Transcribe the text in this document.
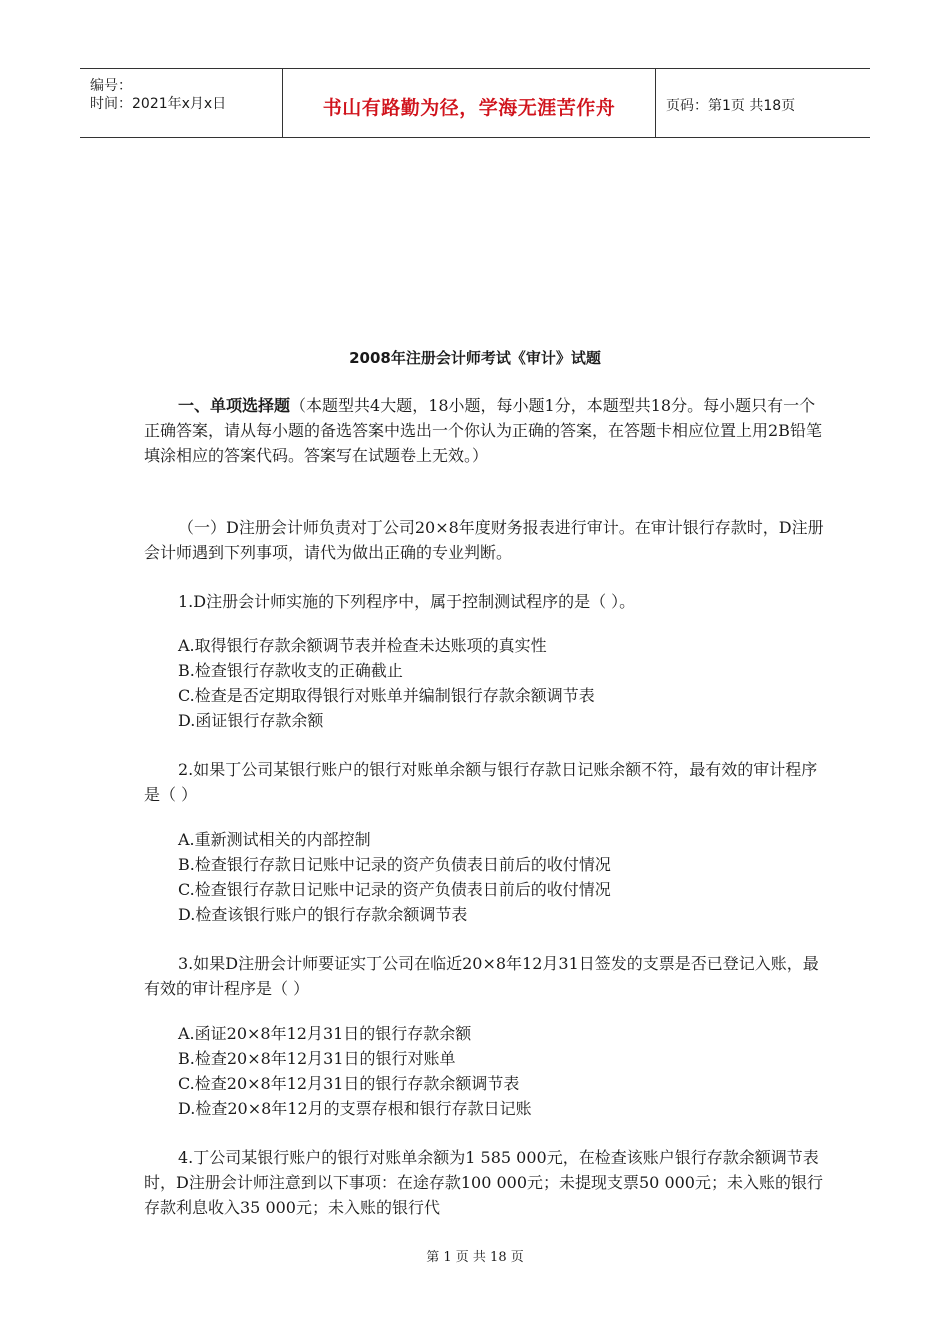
编号：
时间：2021年x月x日	书山有路勤为径，学海无涯苦作舟	页码：第1页 共18页
2008年注册会计师考试《审计》试题

一、单项选择题（本题型共4大题，18小题，每小题1分，本题型共18分。每小题只有一个正确答案，请从每小题的备选答案中选出一个你认为正确的答案，在答题卡相应位置上用2B铅笔填涂相应的答案代码。答案写在试题卷上无效。）

（一）D注册会计师负责对丁公司20×8年度财务报表进行审计。在审计银行存款时，D注册会计师遇到下列事项，请代为做出正确的专业判断。

1.D注册会计师实施的下列程序中，属于控制测试程序的是（ ）。

A.取得银行存款余额调节表并检查未达账项的真实性

B.检查银行存款收支的正确截止

C.检查是否定期取得银行对账单并编制银行存款余额调节表

D.函证银行存款余额

2.如果丁公司某银行账户的银行对账单余额与银行存款日记账余额不符，最有效的审计程序是（ ）

A.重新测试相关的内部控制

B.检查银行存款日记账中记录的资产负债表日前后的收付情况

C.检查银行存款日记账中记录的资产负债表日前后的收付情况

D.检查该银行账户的银行存款余额调节表

3.如果D注册会计师要证实丁公司在临近20×8年12月31日签发的支票是否已登记入账，最有效的审计程序是（ ）

A.函证20×8年12月31日的银行存款余额

B.检查20×8年12月31日的银行对账单

C.检查20×8年12月31日的银行存款余额调节表

D.检查20×8年12月的支票存根和银行存款日记账

4.丁公司某银行账户的银行对账单余额为1 585 000元，在检查该账户银行存款余额调节表时，D注册会计师注意到以下事项：在途存款100 000元；未提现支票50 000元；未入账的银行存款利息收入35 000元；未入账的银行代

第 1 页 共 18 页
